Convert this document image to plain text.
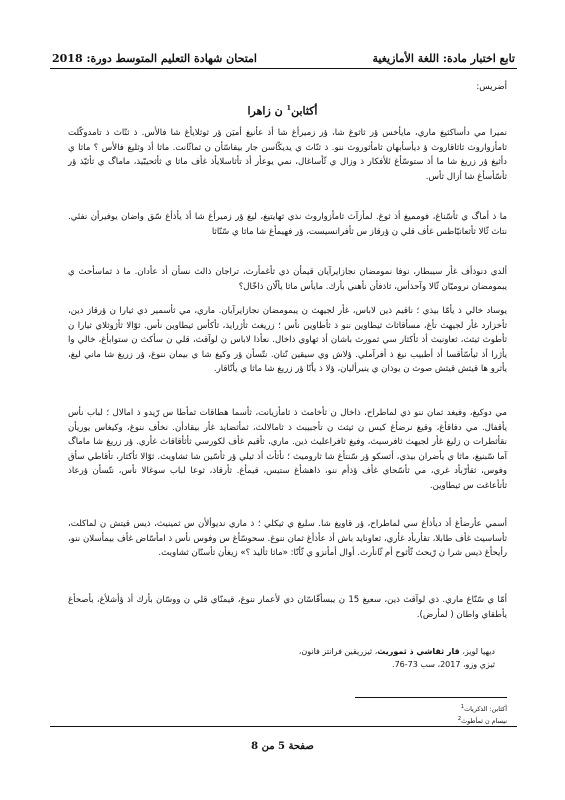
تابع اختبار مادة: اللغة الأمازيغية
امتحان شهادة التعليم المتوسط دورة: 2018
أضريس:
أكثابن$^1$ ن زاهرا
نميرا مي دأساكثيغ ماري، مايأخس ؤر ثاثوغ شا، ؤر زميرأغ شا أذ عأنيغ أميَن ؤر ثوثلايأغ شا فالأس. ذ ثنّاث ذ تامدوكّلت ثامأزواروث ثاثاقاروث ؤ ديأسأبهان ثامأثوروث ننو. ذ ثنّاث ي يديكّاسن جار بيفاسّأن ن ثماثّانت. ماثا أذ وثليغ فالأس ؟ ماثا ي دأثيغ ؤر زريغ شا ما أذ ستوسّأغ ئلأفكار ذ وزال ي ثّأساغال، نمي يوعأر أذ تأثاسلايأذ غأف ماثا ي ثأثحيبّيذ، ماماگ ي ثأثيّذ ؤر ثأسّأسأغ شا أزال ثأس.
ما ذ أماگ ي ثأسّناغ، فومميغ أذ ثوغ. لمأزآث ثامأزواروث نذي ثهايتيغ، ليغ ؤر زميرأغ شا أذ يأذأغ سّق واضان يوفيرأن نفئي. نتاث ثّالا ثأثعانيّاطس غأف قلي ن ؤرقاز س ثأفرانسيست، ؤر فهيمأغ شا ماثا ي سّنّاثا
ألدي دنوذأف غأر سيبطار، نوفا نمومضان نجازايرآيان قيمأن ذي ثأغمأرث، تراجان ذالث نسأن أذ عأدان. ما ذ ثماسأحث ي يبمومضان نروميّان ثّالا وآحذأس، ثاذفأن نأهني بأرك. مايأس ماثا يألّان ذاخّال؟
يوساد خالي ذ يأمّا بيذي ؛ ناقيم ذين لاباس، غأر لجيهث ن يبمومضان نجازايرآيان. ماري، مي ثأسمير ذي ثيارا ن ؤرقاز ذين، ثأخزارد غأر لجيهث تأغ، مسأقاثاث ثيطاوين ننو ذ ثأطاوين نأس ؛ زريغث ثأژرايذ، ثأكأس ثيطاوين نأس. ثوّالا ثأژوثلاي ثيارا ن ثأطوث ثيثث، ثعاونيث أذ ثأكثار سي ثمورث باشان أذ ثهاوي ذاخال. نعأذا لاباس ن لوآقث، قلي ن سأكث ن ستوابأغ، خالي وا يأژرا أذ ثيأسّأقسا أذ أطبيب نيغ ذ أفرآملي. ؤلاش وي سيقين نّتان. نتّسأن ؤر وكيغ شا ي بيمان ننوغ، ؤر زريغ شا ماني ليغ، يأثرو ها قيثش قيثش صوث ن يوذان ي ينيرأليان، ؤلا ذ يأنّا ؤر زريغ شا ماثا ي يأنّاقار.
مي دوكيغ، وفيغد ثمان ننو ذي لماطراح، ذاخال ن ثأخامث ذ ثامأزيانت، ثأسما هطاقات ثمأطا س رّيدو ذ امالال ؛ لباب نأس يأقفال. مي دفاقأغ، وقيغ نرضأغ كيس ن ثيثث ن تأجبيبث ذ ثامالالث، ثمأثضايد غأر بيقادأن. نخأف ننوغ، وكيغاس يوريأن نقأثطرات ن زليغ غأر لجيهث ثافرسيث، وفيغ ثافراعليث ذين. ماري، ثأقيم غأف لكورسي ثأثأقاقاث غأري. ؤر زريغ شا ماماگ آما سّبنيغ، ماثا ي يأضران بيذي، أثسكو ؤر سّنتأغ شا ثاروميث ؛ نأثأث أذ ثيلي ؤر ثأسّين شا ثشاويث. ثوّالا ثأكثار، تأقاطي سأق وفوس، ثقأرّبأد غري، مي ثأسّحاي غأف ؤذأم ننو، ذاهشأغ ستيس، قيمأغ. ثأرقاذ، ثوعا لباب سوغالا نأس، نتّسأن ؤرعاذ ثأتأعاغت س ثيطاوين.
أسمي عأرضأغ أذ ديأذأغ سي لماطراح، ؤر قاويغ شا. سليغ ي ثيكلي ؛ ذ ماري نديوألأن س ثمينيث، ذيس قيتش ن لماكلت، ثأساسيث غأف طابلا، تقأربأد غأري، ثعاونايد باش أذ عأذأغ ثمان ننوغ. سحوسّأغ س وفوس نأس ذ امأسّاض غأف بيمأسلان ننو، رأيحأغ ذيس شرا ن رّيحث ثّأثوح أم ثّانأرث. أوال أمأنزو ي ثّأنّا: «ماثا ثأليذ ؟» زيغأن ثأسنّان ثشاويث.
أمّا ي سّنّاغ ماري. ذي لوآقث ذين، سعيغ 15 ن يبسأقّاسّان ذي لأعمار ننوغ، قيمنّاي قلي ن ووسّان بأرك أذ ؤأشلأغ، بأصحأغ يأطقاي واطان ( لمأرض).
ديهيا لويز، قار ثقاشي ذ ثموريث، ثيزريقين فرانتز فانون،
ثيزي وزو، 2017، سب 73-76.
أكثابن: الذكريات$^1$
نيسام ن ثمأطوث$^2$
صفحة 5 من 8
